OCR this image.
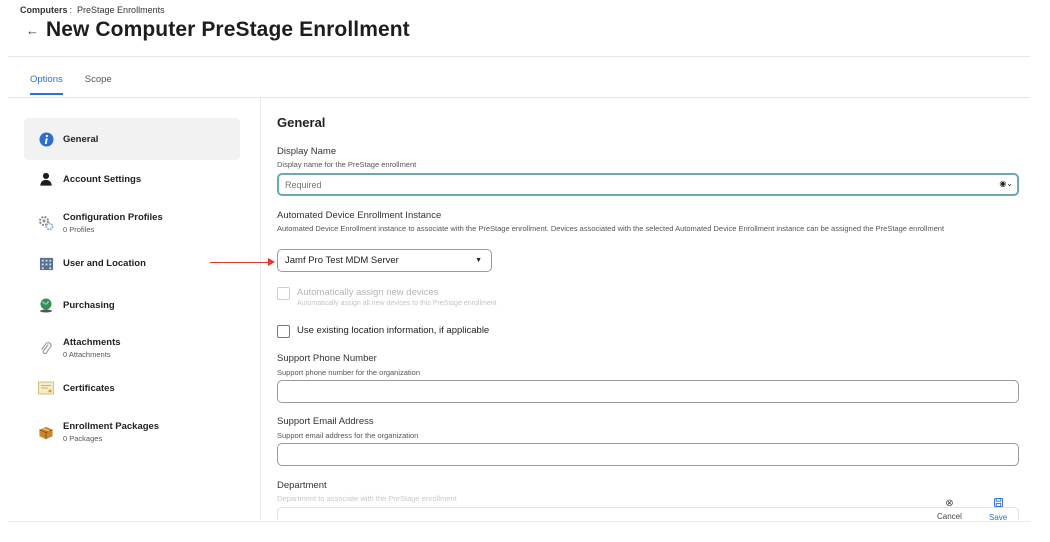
Computers : PreStage Enrollments
← New Computer PreStage Enrollment
Options Scope
General
Account Settings
Configuration Profiles
0 Profiles
User and Location
Purchasing
Attachments
0 Attachments
Certificates
Enrollment Packages
0 Packages
General
Display Name
Display name for the PreStage enrollment
Required
◉⌄
Automated Device Enrollment Instance
Automated Device Enrollment instance to associate with the PreStage enrollment. Devices associated with the selected Automated Device Enrollment instance can be assigned the PreStage enrollment
Jamf Pro Test MDM Server	▼
Automatically assign new devices
Automatically assign all new devices to this PreStage enrollment
Use existing location information, if applicable
Support Phone Number
Support phone number for the organization
Support Email Address
Support email address for the organization
Department
Department to associate with the PreStage enrollment	⊗
Cancel	Save
